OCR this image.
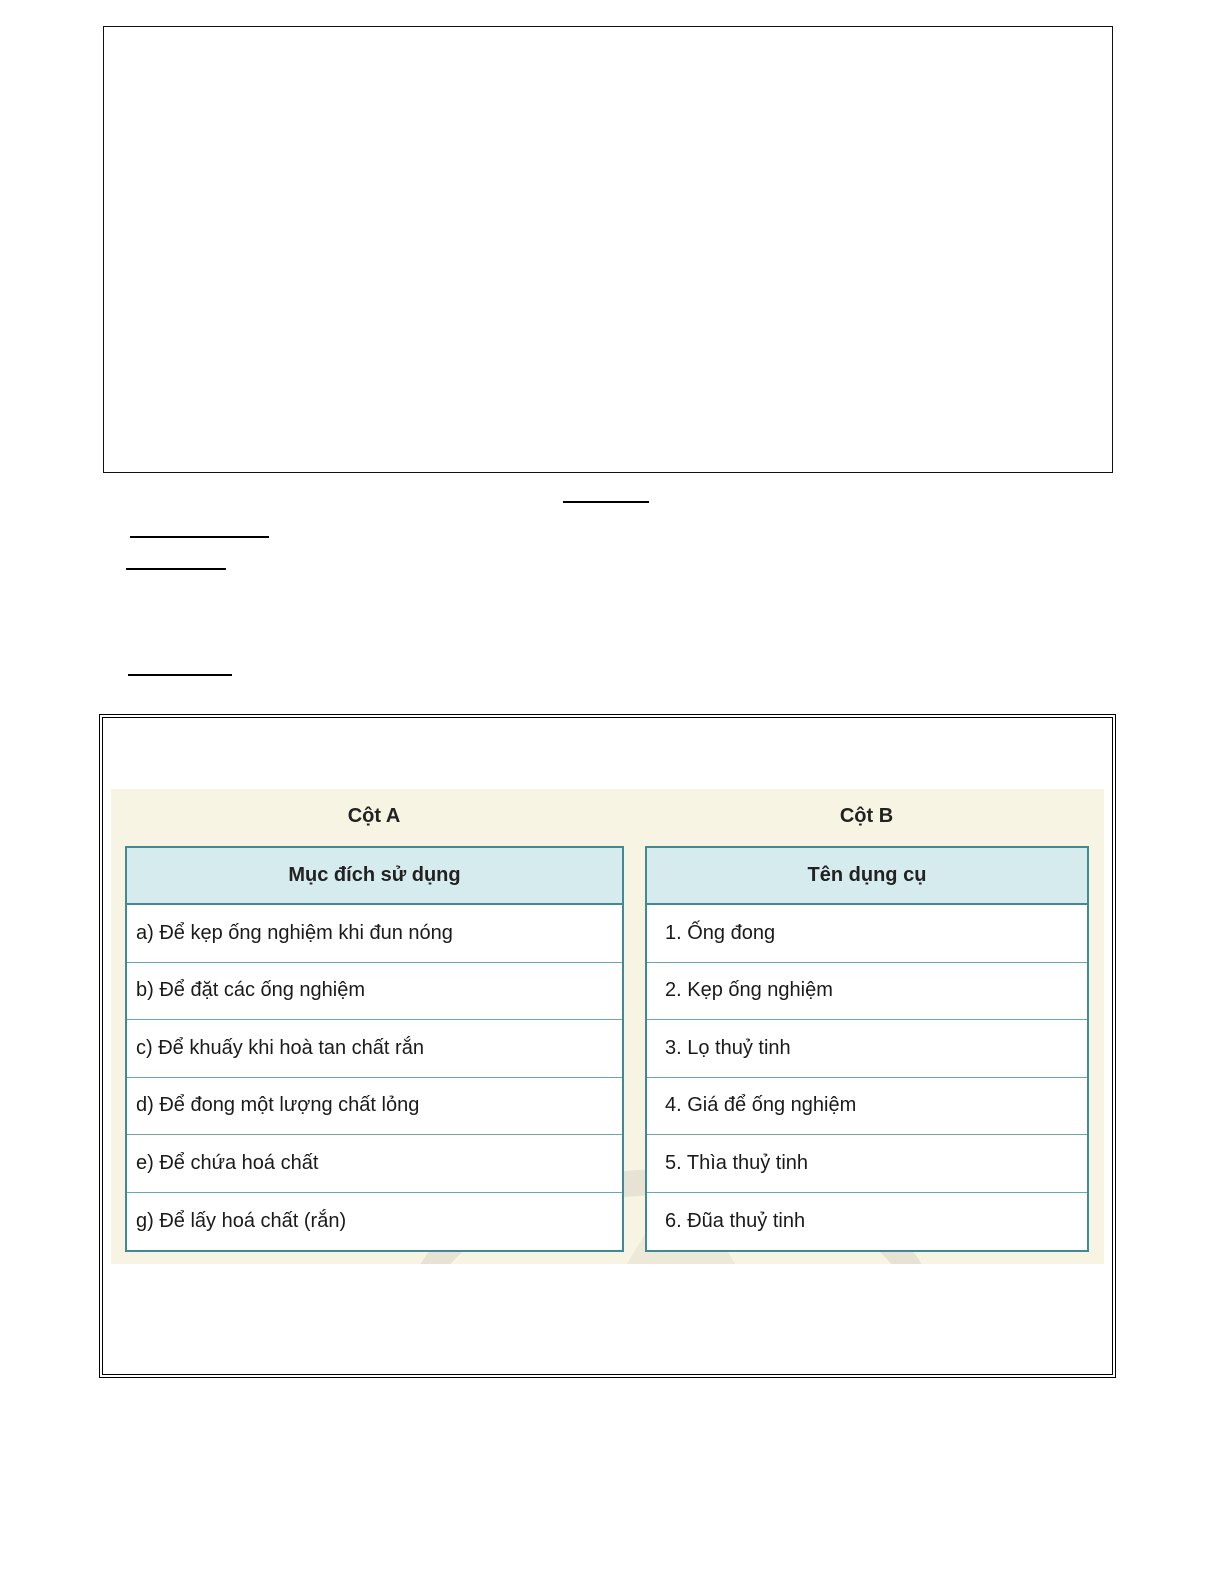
Cột A	Cột B
Mục đích sử dụng
a) Để kẹp ống nghiệm khi đun nóng
b) Để đặt các ống nghiệm
c) Để khuấy khi hoà tan chất rắn
d) Để đong một lượng chất lỏng
e) Để chứa hoá chất
g) Để lấy hoá chất (rắn)
Tên dụng cụ
1. Ống đong
2. Kẹp ống nghiệm
3. Lọ thuỷ tinh
4. Giá để ống nghiệm
5. Thìa thuỷ tinh
6. Đũa thuỷ tinh
